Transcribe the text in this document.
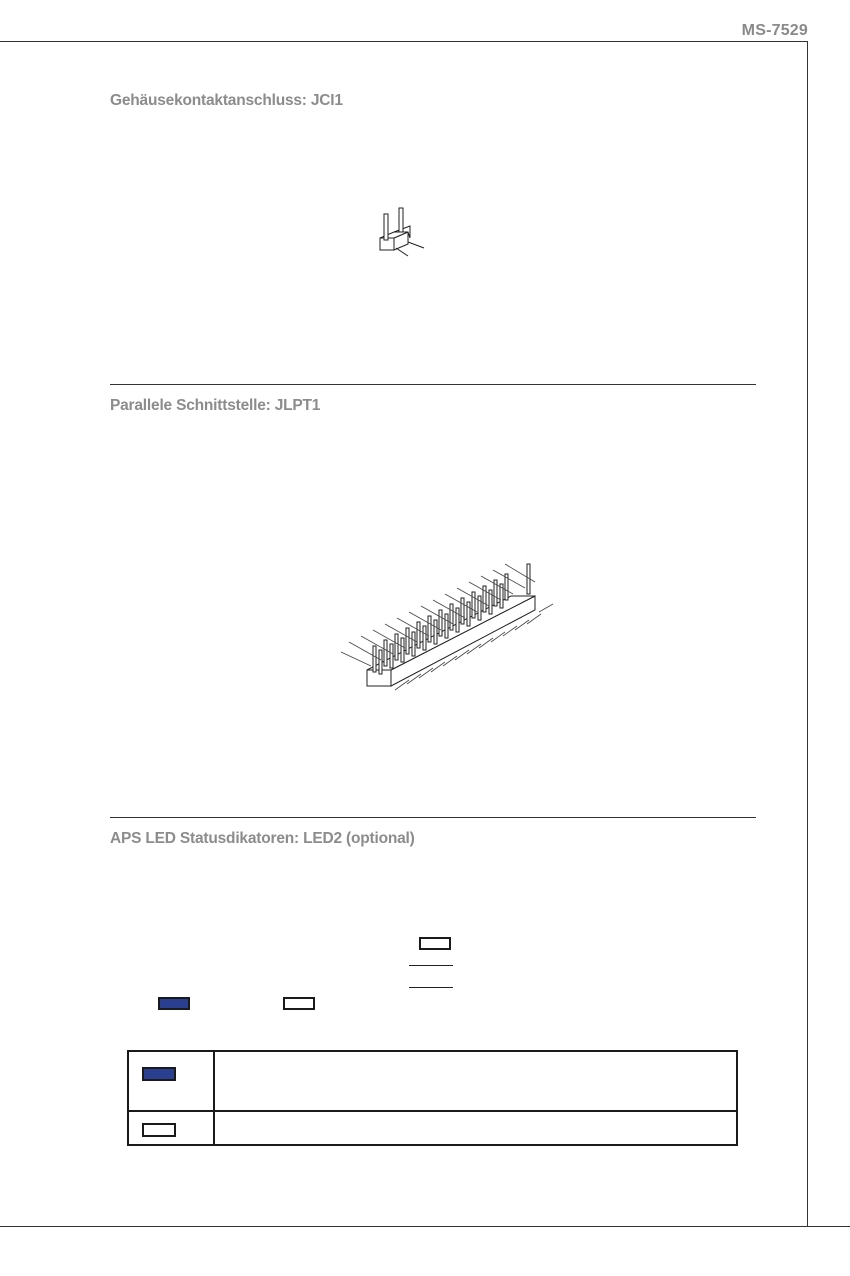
MS-7529
Gehäusekontaktanschluss: JCI1
Parallele Schnittstelle: JLPT1
APS LED Statusdikatoren: LED2 (optional)
